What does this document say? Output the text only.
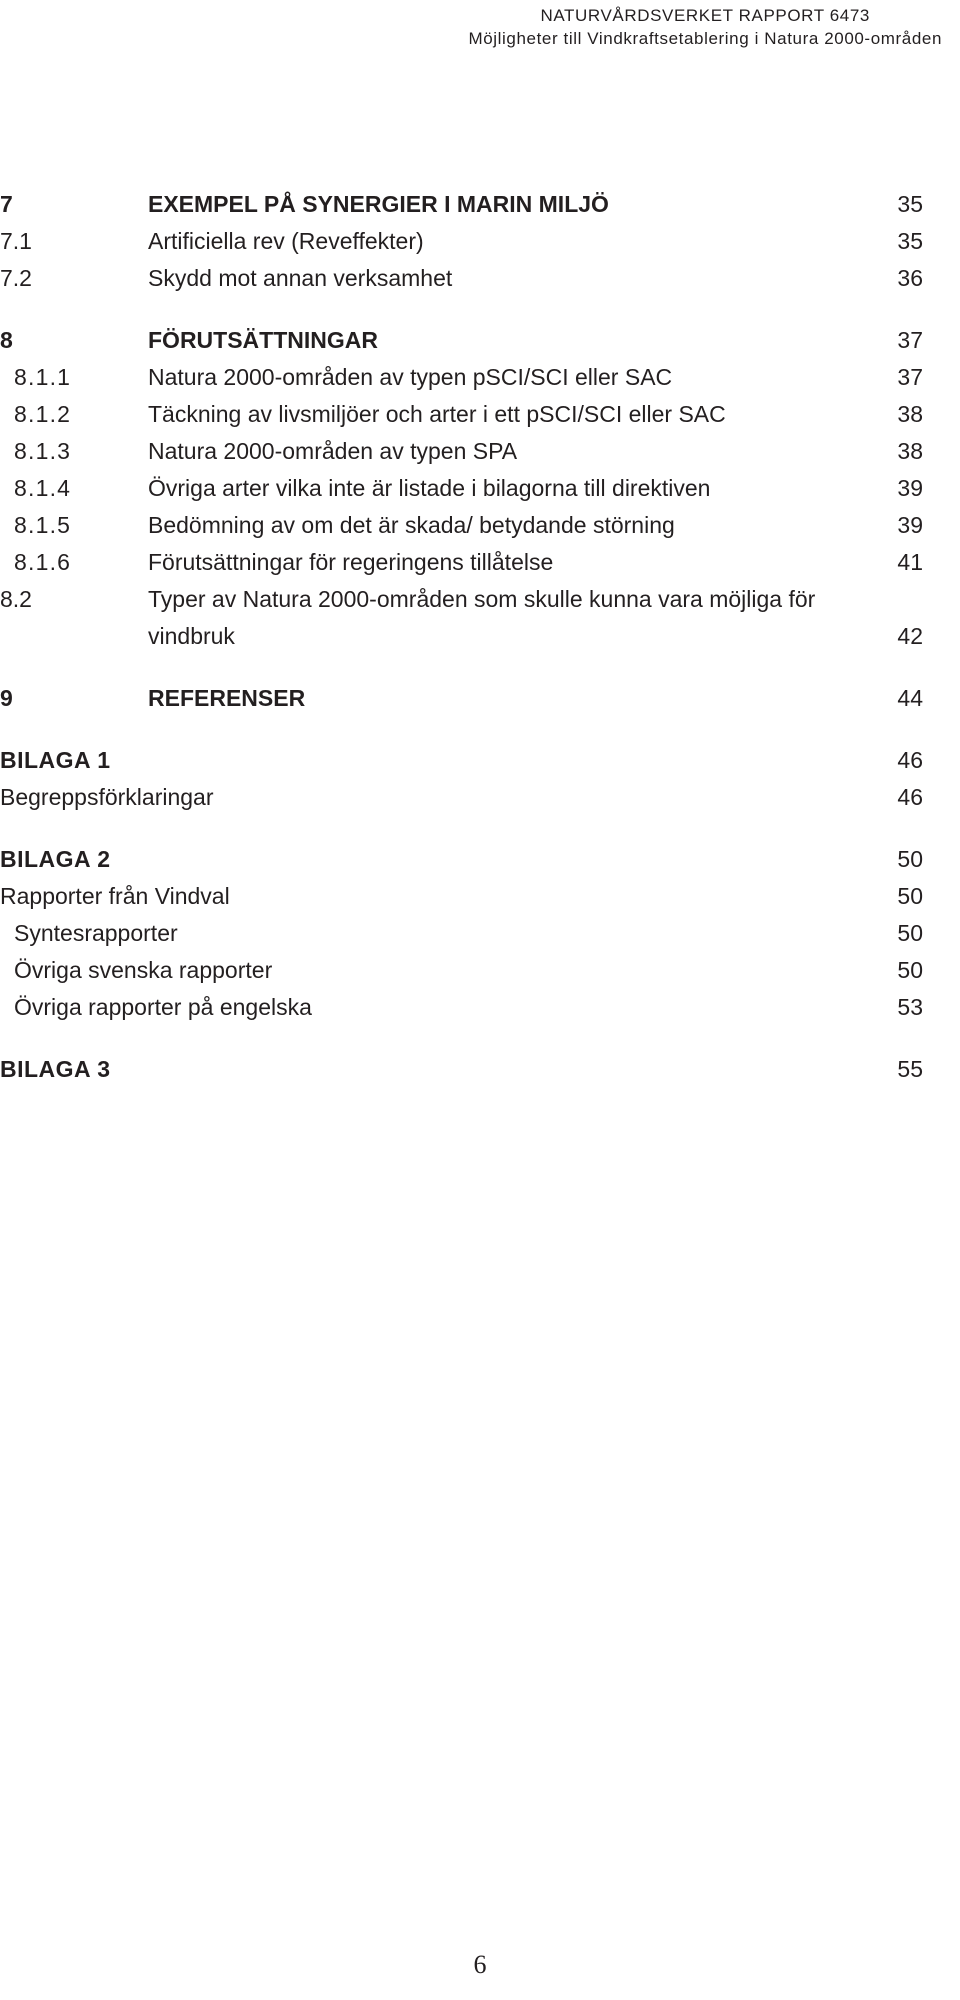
NATURVÅRDSVERKET RAPPORT 6473
Möjligheter till Vindkraftsetablering i Natura 2000-områden
7	EXEMPEL PÅ SYNERGIER I MARIN MILJÖ	35
7.1	Artificiella rev (Reveffekter)	35
7.2	Skydd mot annan verksamhet	36
8	FÖRUTSÄTTNINGAR	37
8.1.1	Natura 2000-områden av typen pSCI/SCI eller SAC	37
8.1.2	Täckning av livsmiljöer och arter i ett pSCI/SCI eller SAC	38
8.1.3	Natura 2000-områden av typen SPA	38
8.1.4	Övriga arter vilka inte är listade i bilagorna till direktiven	39
8.1.5	Bedömning av om det är skada/ betydande störning	39
8.1.6	Förutsättningar för regeringens tillåtelse	41
8.2	Typer av Natura 2000-områden som skulle kunna vara möjliga för vindbruk	42
9	REFERENSER	44
BILAGA 1	46
Begreppsförklaringar	46
BILAGA 2	50
Rapporter från Vindval	50
Syntesrapporter	50
Övriga svenska rapporter	50
Övriga rapporter på engelska	53
BILAGA 3	55
6
